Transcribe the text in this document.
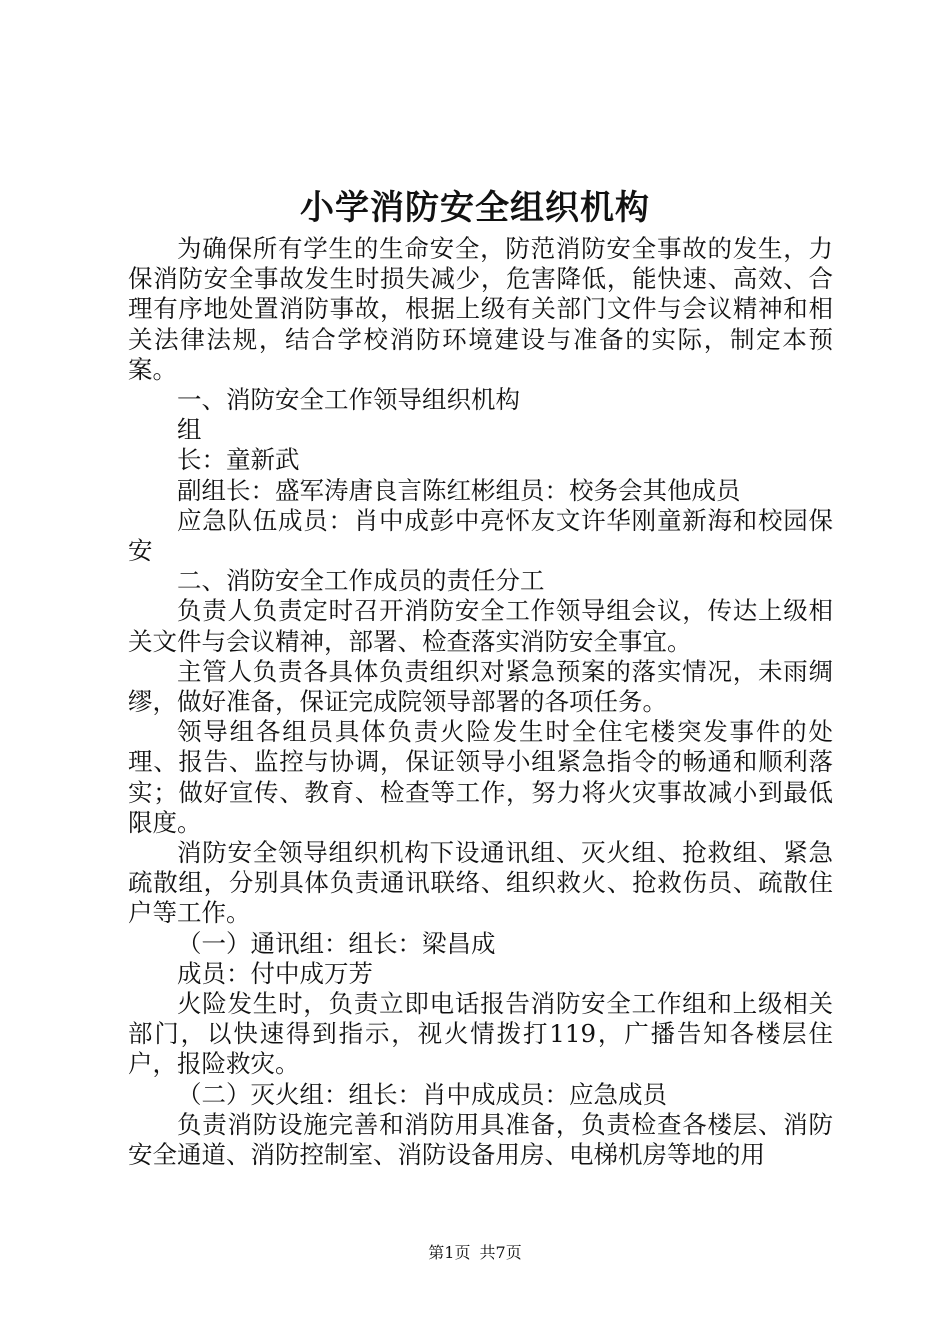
小学消防安全组织机构

为确保所有学生的生命安全，防范消防安全事故的发生，力保消防安全事故发生时损失减少，危害降低，能快速、高效、合理有序地处置消防事故，根据上级有关部门文件与会议精神和相关法律法规，结合学校消防环境建设与准备的实际，制定本预案。

一、消防安全工作领导组织机构

组

长：童新武

副组长：盛军涛唐良言陈红彬组员：校务会其他成员

应急队伍成员：肖中成彭中亮怀友文许华刚童新海和校园保安

二、消防安全工作成员的责任分工

负责人负责定时召开消防安全工作领导组会议，传达上级相关文件与会议精神，部署、检查落实消防安全事宜。

主管人负责各具体负责组织对紧急预案的落实情况，未雨绸缪，做好准备，保证完成院领导部署的各项任务。

领导组各组员具体负责火险发生时全住宅楼突发事件的处理、报告、监控与协调，保证领导小组紧急指令的畅通和顺利落实；做好宣传、教育、检查等工作，努力将火灾事故减小到最低限度。

消防安全领导组织机构下设通讯组、灭火组、抢救组、紧急疏散组，分别具体负责通讯联络、组织救火、抢救伤员、疏散住户等工作。

（一）通讯组：组长：梁昌成

成员：付中成万芳

火险发生时，负责立即电话报告消防安全工作组和上级相关部门，以快速得到指示，视火情拨打119，广播告知各楼层住户，报险救灾。

（二）灭火组：组长：肖中成成员：应急成员

负责消防设施完善和消防用具准备，负责检查各楼层、消防安全通道、消防控制室、消防设备用房、电梯机房等地的用

第1页 共7页
